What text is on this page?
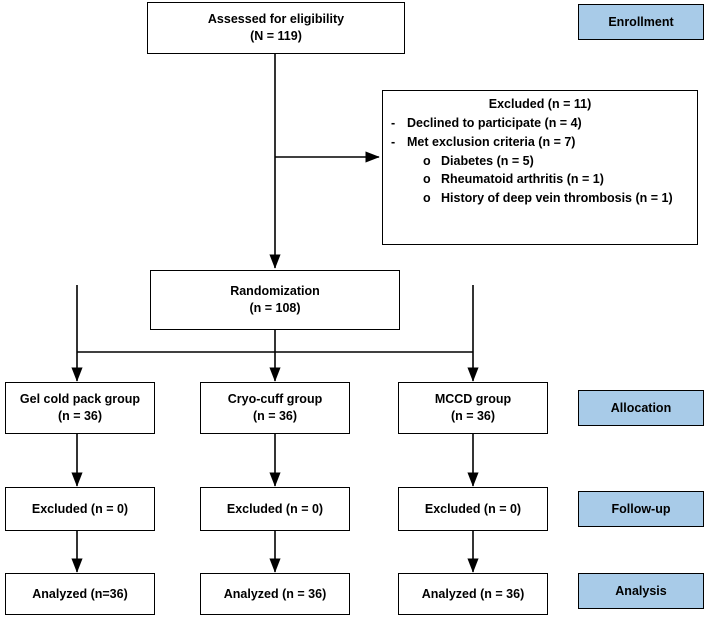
Assessed for eligibility
(N = 119)
Excluded (n = 11)
- Declined to participate (n = 4)
- Met exclusion criteria (n = 7)
o Diabetes (n = 5)
o Rheumatoid arthritis (n = 1)
o History of deep vein thrombosis (n = 1)
Randomization
(n = 108)
Gel cold pack group
(n = 36)
Cryo-cuff group
(n = 36)
MCCD group
(n = 36)
Excluded (n = 0)	Excluded (n = 0)	Excluded (n = 0)
Analyzed (n=36)	Analyzed (n = 36)	Analyzed (n = 36)
Enrollment
Allocation
Follow-up
Analysis
